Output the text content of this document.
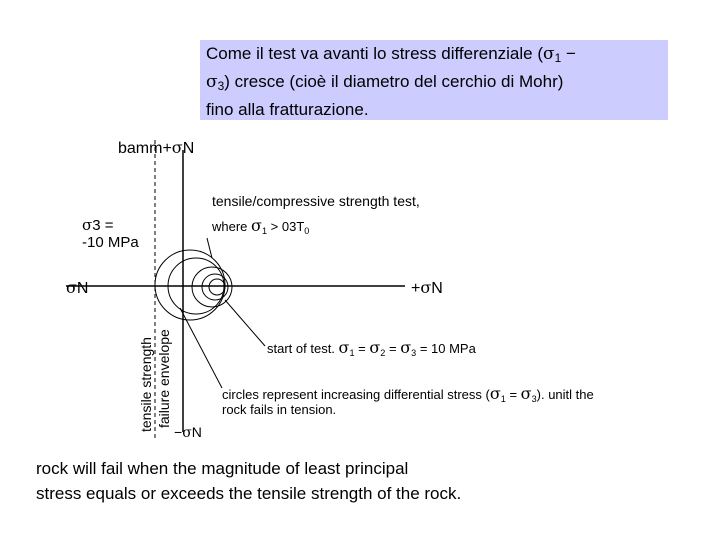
Come il test va avanti lo stress differenziale ($\sigma_1$ −
$\sigma_3$) cresce (cioè il diametro del cerchio di Mohr)
fino alla fratturazione.
bamm+σN
σN	+σN
−σN
σ3 =
-10 MPa
tensile/compressive strength test,
where $\sigma_1 > 03T_0$
start of test. $\sigma_1 = \sigma_2 = \sigma_3 = 10$ MPa
circles represent increasing differential stress $(\sigma_1 = \sigma_3)$. unitl the
rock fails in tension.
tensile strength failure envelope
rock will fail when the magnitude of least principal
stress equals or exceeds the tensile strength of the rock.
